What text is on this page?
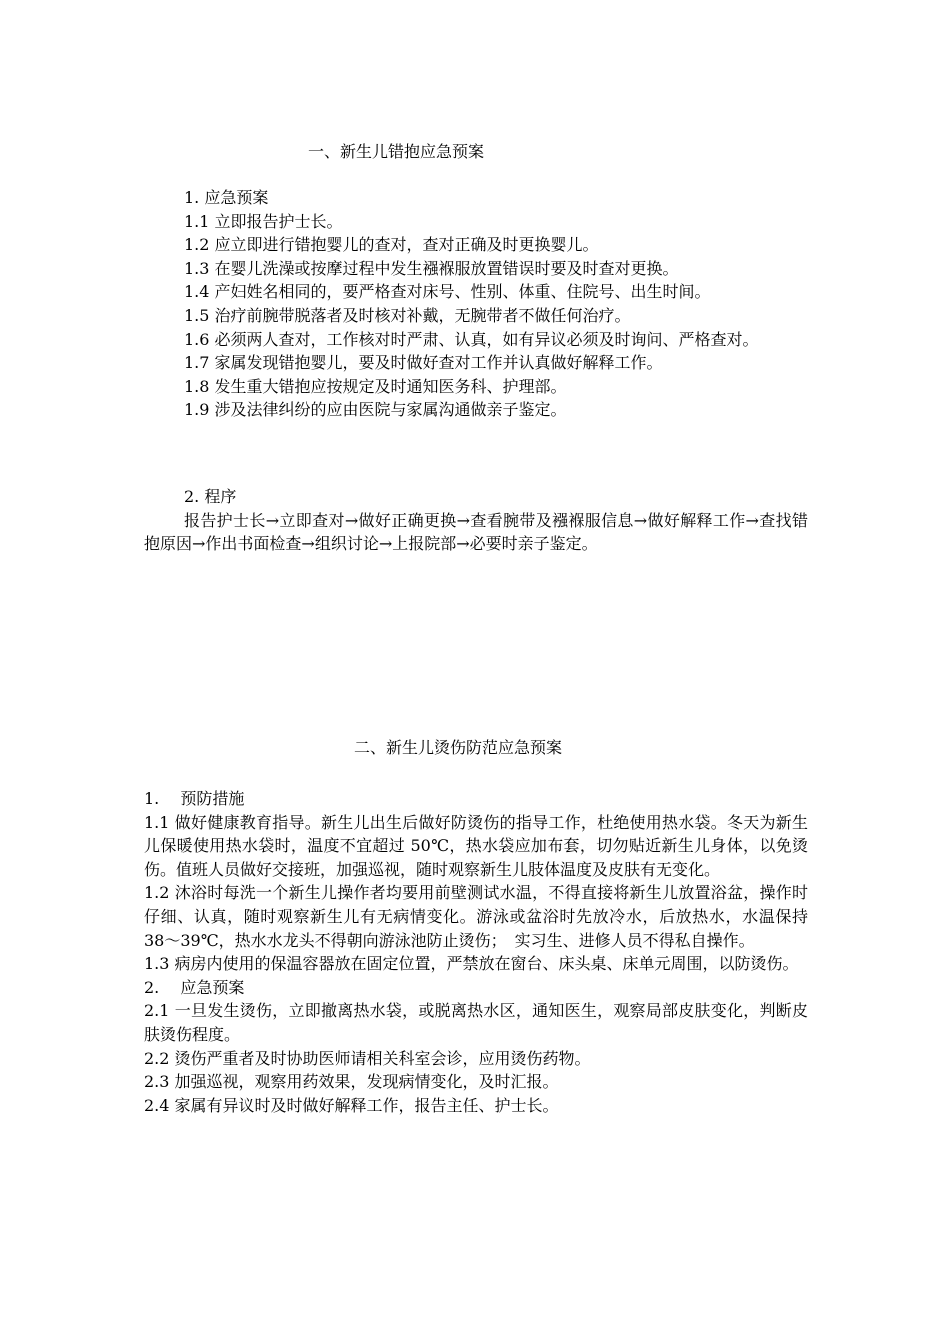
一、新生儿错抱应急预案

1. 应急预案

1.1 立即报告护士长。

1.2 应立即进行错抱婴儿的查对，查对正确及时更换婴儿。

1.3 在婴儿洗澡或按摩过程中发生襁褓服放置错误时要及时查对更换。

1.4 产妇姓名相同的，要严格查对床号、性别、体重、住院号、出生时间。

1.5 治疗前腕带脱落者及时核对补戴，无腕带者不做任何治疗。

1.6 必须两人查对，工作核对时严肃、认真，如有异议必须及时询问、严格查对。

1.7 家属发现错抱婴儿，要及时做好查对工作并认真做好解释工作。

1.8 发生重大错抱应按规定及时通知医务科、护理部。

1.9 涉及法律纠纷的应由医院与家属沟通做亲子鉴定。

2. 程序

报告护士长→立即查对→做好正确更换→查看腕带及襁褓服信息→做好解释工作→查找错抱原因→作出书面检查→组织讨论→上报院部→必要时亲子鉴定。

二、新生儿烫伤防范应急预案

1.　 预防措施

1.1 做好健康教育指导。新生儿出生后做好防烫伤的指导工作，杜绝使用热水袋。冬天为新生儿保暖使用热水袋时，温度不宜超过 50℃，热水袋应加布套，切勿贴近新生儿身体，以免烫伤。值班人员做好交接班，加强巡视，随时观察新生儿肢体温度及皮肤有无变化。

1.2 沐浴时每洗一个新生儿操作者均要用前壁测试水温，不得直接将新生儿放置浴盆，操作时仔细、认真，随时观察新生儿有无病情变化。游泳或盆浴时先放冷水，后放热水，水温保持 38～39℃，热水水龙头不得朝向游泳池防止烫伤；　实习生、进修人员不得私自操作。

1.3 病房内使用的保温容器放在固定位置，严禁放在窗台、床头桌、床单元周围，以防烫伤。

2.　 应急预案

2.1 一旦发生烫伤，立即撤离热水袋，或脱离热水区，通知医生，观察局部皮肤变化，判断皮肤烫伤程度。

2.2 烫伤严重者及时协助医师请相关科室会诊，应用烫伤药物。

2.3 加强巡视，观察用药效果，发现病情变化，及时汇报。

2.4 家属有异议时及时做好解释工作，报告主任、护士长。
